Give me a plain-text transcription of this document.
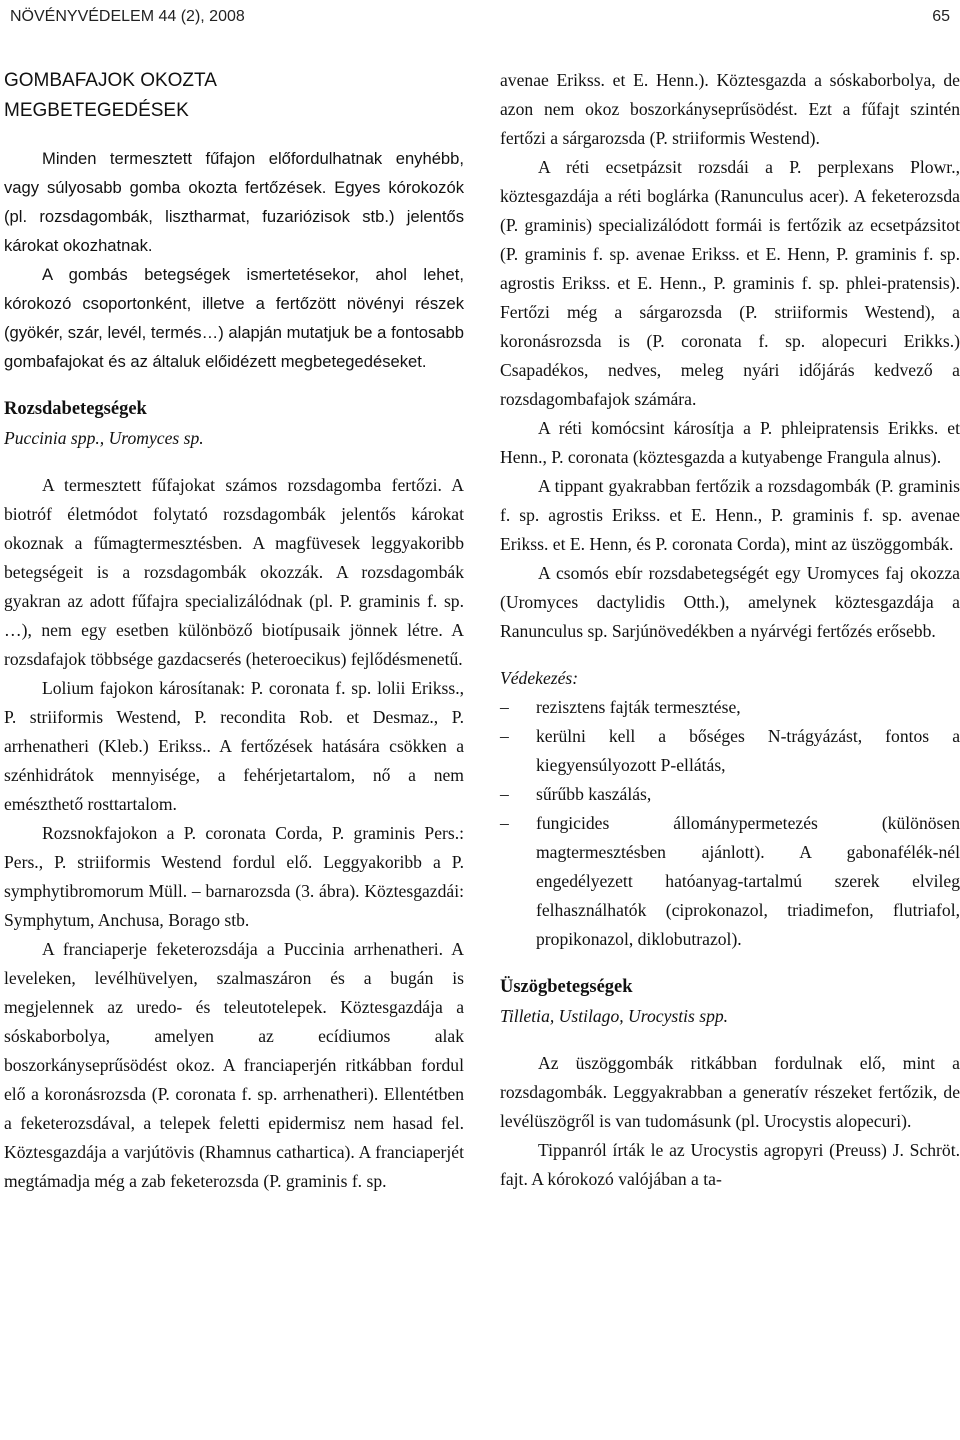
NÖVÉNYVÉDELEM 44 (2), 2008	65
GOMBAFAJOK OKOZTA
MEGBETEGEDÉSEK

Minden termesztett fűfajon előfordulhatnak enyhébb, vagy súlyosabb gomba okozta fertőzések. Egyes kórokozók (pl. rozsdagombák, lisztharmat, fuzariózisok stb.) jelentős károkat okozhatnak.

A gombás betegségek ismertetésekor, ahol lehet, kórokozó csoportonként, illetve a fertőzött növényi részek (gyökér, szár, levél, termés…) alapján mutatjuk be a fontosabb gombafajokat és az általuk előidézett megbetegedéseket.

Rozsdabetegségek

Puccinia spp., Uromyces sp.

A termesztett fűfajokat számos rozsdagomba fertőzi. A biotróf életmódot folytató rozsdagombák jelentős károkat okoznak a fűmagtermesztésben. A magfüvesek leggyakoribb betegségeit is a rozsdagombák okozzák. A rozsdagombák gyakran az adott fűfajra specializálódnak (pl. P. graminis f. sp. …), nem egy esetben különböző biotípusaik jönnek létre. A rozsdafajok többsége gazdacserés (heteroecikus) fejlődésmenetű.

Lolium fajokon károsítanak: P. coronata f. sp. lolii Erikss., P. striiformis Westend, P. recondita Rob. et Desmaz., P. arrhenatheri (Kleb.) Erikss.. A fertőzések hatására csökken a szénhidrátok mennyisége, a fehérjetartalom, nő a nem emészthető rosttartalom.

Rozsnokfajokon a P. coronata Corda, P. graminis Pers.: Pers., P. striiformis Westend fordul elő. Leggyakoribb a P. symphytibromorum Müll. – barnarozsda (3. ábra). Köztesgazdái: Symphytum, Anchusa, Borago stb.

A franciaperje feketerozsdája a Puccinia arrhenatheri. A leveleken, levélhüvelyen, szalmaszáron és a bugán is megjelennek az uredo- és teleutotelepek. Köztesgazdája a sóskaborbolya, amelyen az ecídiumos alak boszorkányseprűsödést okoz. A franciaperjén ritkábban fordul elő a koronásrozsda (P. coronata f. sp. arrhenatheri). Ellentétben a feketerozsdával, a telepek feletti epidermisz nem hasad fel. Köztesgazdája a varjútövis (Rhamnus cathartica). A franciaperjét megtámadja még a zab feketerozsda (P. graminis f. sp.

avenae Erikss. et E. Henn.). Köztesgazda a sóskaborbolya, de azon nem okoz boszorkányseprűsödést. Ezt a fűfajt szintén fertőzi a sárgarozsda (P. striiformis Westend).

A réti ecsetpázsit rozsdái a P. perplexans Plowr., köztesgazdája a réti boglárka (Ranunculus acer). A feketerozsda (P. graminis) specializálódott formái is fertőzik az ecsetpázsitot (P. graminis f. sp. avenae Erikss. et E. Henn, P. graminis f. sp. agrostis Erikss. et E. Henn., P. graminis f. sp. phlei-pratensis). Fertőzi még a sárgarozsda (P. striiformis Westend), a koronásrozsda is (P. coronata f. sp. alopecuri Erikks.) Csapadékos, nedves, meleg nyári időjárás kedvező a rozsdagombafajok számára.

A réti komócsint károsítja a P. phleipratensis Erikks. et Henn., P. coronata (köztesgazda a kutyabenge Frangula alnus).

A tippant gyakrabban fertőzik a rozsdagombák (P. graminis f. sp. agrostis Erikss. et E. Henn., P. graminis f. sp. avenae Erikss. et E. Henn, és P. coronata Corda), mint az üszöggombák.

A csomós ebír rozsdabetegségét egy Uromyces faj okozza (Uromyces dactylidis Otth.), amelynek köztesgazdája a Ranunculus sp. Sarjúnövedékben a nyárvégi fertőzés erősebb.

Védekezés:

– rezisztens fajták termesztése,
– kerülni kell a bőséges N-trágyázást, fontos a kiegyensúlyozott P-ellátás,
– sűrűbb kaszálás,
– fungicides állománypermetezés (különösen magtermesztésben ajánlott). A gabonafélék-nél engedélyezett hatóanyag-tartalmú szerek elvileg felhasználhatók (ciprokonazol, triadimefon, flutriafol, propikonazol, diklobutrazol).
Üszögbetegségek

Tilletia, Ustilago, Urocystis spp.

Az üszöggombák ritkábban fordulnak elő, mint a rozsdagombák. Leggyakrabban a generatív részeket fertőzik, de levélüszögről is van tudomásunk (pl. Urocystis alopecuri).

Tippanról írták le az Urocystis agropyri (Preuss) J. Schröt. fajt. A kórokozó valójában a ta-
